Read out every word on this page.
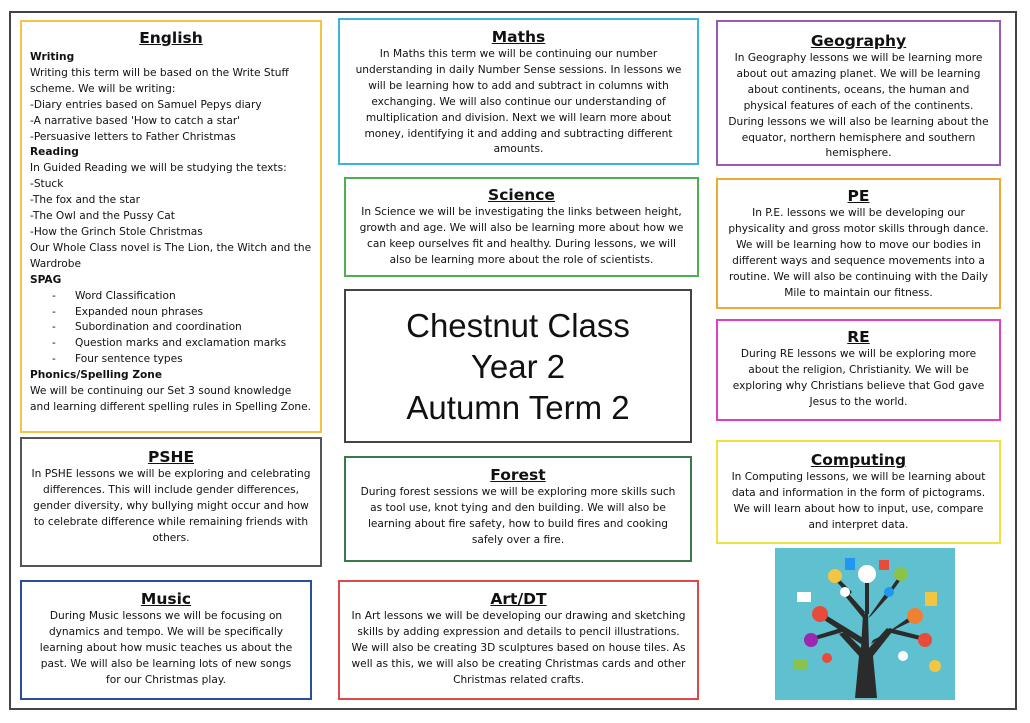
English
Writing
Writing this term will be based on the Write Stuff scheme. We will be writing:
-Diary entries based on Samuel Pepys diary
-A narrative based 'How to catch a star'
-Persuasive letters to Father Christmas
Reading
In Guided Reading we will be studying the texts:
-Stuck
-The fox and the star
-The Owl and the Pussy Cat
-How the Grinch Stole Christmas
Our Whole Class novel is The Lion, the Witch and the Wardrobe
SPAG
- Word Classification
- Expanded noun phrases
- Subordination and coordination
- Question marks and exclamation marks
- Four sentence types
Phonics/Spelling Zone
We will be continuing our Set 3 sound knowledge and learning different spelling rules in Spelling Zone.
Maths

In Maths this term we will be continuing our number understanding in daily Number Sense sessions. In lessons we will be learning how to add and subtract in columns with exchanging. We will also continue our understanding of multiplication and division. Next we will learn more about money, identifying it and adding and subtracting different amounts.

Geography

In Geography lessons we will be learning more about out amazing planet. We will be learning about continents, oceans, the human and physical features of each of the continents. During lessons we will also be learning about the equator, northern hemisphere and southern hemisphere.

Science

In Science we will be investigating the links between height, growth and age. We will also be learning more about how we can keep ourselves fit and healthy. During lessons, we will also be learning more about the role of scientists.

PE

In P.E. lessons we will be developing our physicality and gross motor skills through dance. We will be learning how to move our bodies in different ways and sequence movements into a routine. We will also be continuing with the Daily Mile to maintain our fitness.

Chestnut Class
Year 2
Autumn Term 2
RE

During RE lessons we will be exploring more about the religion, Christianity. We will be exploring why Christians believe that God gave Jesus to the world.

PSHE

In PSHE lessons we will be exploring and celebrating differences. This will include gender differences, gender diversity, why bullying might occur and how to celebrate difference while remaining friends with others.

Forest

During forest sessions we will be exploring more skills such as tool use, knot tying and den building. We will also be learning about fire safety, how to build fires and cooking safely over a fire.

Computing

In Computing lessons, we will be learning about data and information in the form of pictograms. We will learn about how to input, use, compare and interpret data.

Music

During Music lessons we will be focusing on dynamics and tempo. We will be specifically learning about how music teaches us about the past. We will also be learning lots of new songs for our Christmas play.

Art/DT

In Art lessons we will be developing our drawing and sketching skills by adding expression and details to pencil illustrations. We will also be creating 3D sculptures based on house tiles. As well as this, we will also be creating Christmas cards and other Christmas related crafts.
